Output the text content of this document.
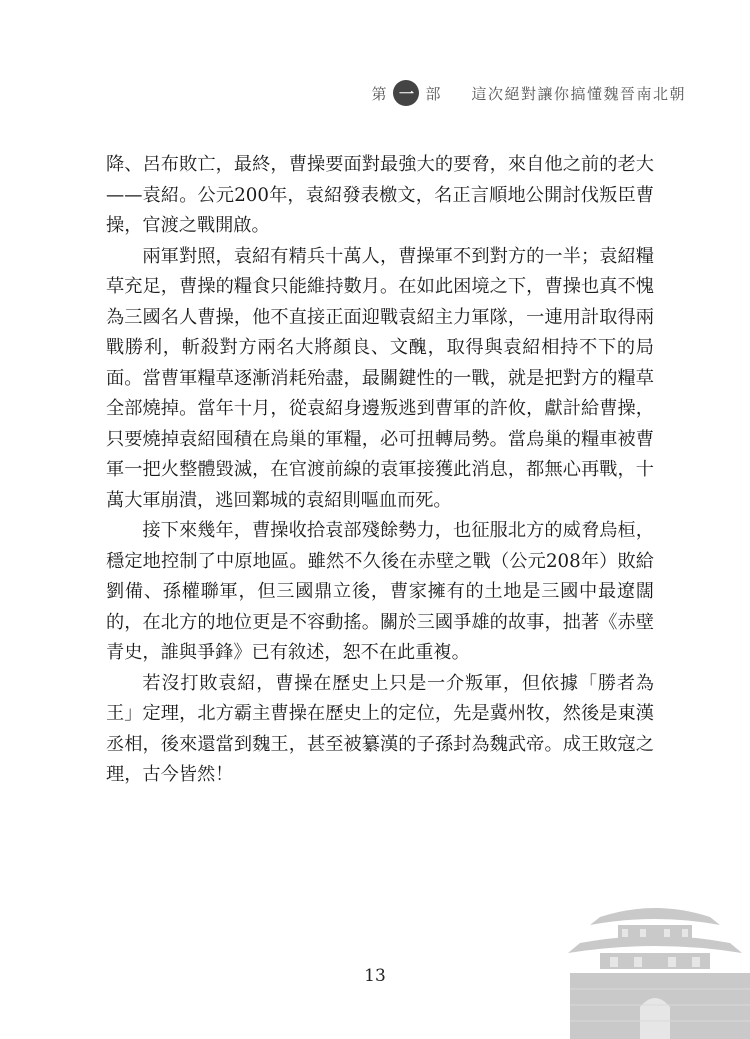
第 一 部 這次絕對讓你搞懂魏晉南北朝

降、呂布敗亡，最終，曹操要面對最強大的要脅，來自他之前的老大——袁紹。公元200年，袁紹發表檄文，名正言順地公開討伐叛臣曹操，官渡之戰開啟。

兩軍對照，袁紹有精兵十萬人，曹操軍不到對方的一半；袁紹糧草充足，曹操的糧食只能維持數月。在如此困境之下，曹操也真不愧為三國名人曹操，他不直接正面迎戰袁紹主力軍隊，一連用計取得兩戰勝利，斬殺對方兩名大將顏良、文醜，取得與袁紹相持不下的局面。當曹軍糧草逐漸消耗殆盡，最關鍵性的一戰，就是把對方的糧草全部燒掉。當年十月，從袁紹身邊叛逃到曹軍的許攸，獻計給曹操，只要燒掉袁紹囤積在烏巢的軍糧，必可扭轉局勢。當烏巢的糧車被曹軍一把火整體毀滅，在官渡前線的袁軍接獲此消息，都無心再戰，十萬大軍崩潰，逃回鄴城的袁紹則嘔血而死。

接下來幾年，曹操收拾袁部殘餘勢力，也征服北方的威脅烏桓，穩定地控制了中原地區。雖然不久後在赤壁之戰（公元208年）敗給劉備、孫權聯軍，但三國鼎立後，曹家擁有的土地是三國中最遼闊的，在北方的地位更是不容動搖。關於三國爭雄的故事，拙著《赤壁青史，誰與爭鋒》已有敘述，恕不在此重複。

若沒打敗袁紹，曹操在歷史上只是一介叛軍，但依據「勝者為王」定理，北方霸主曹操在歷史上的定位，先是冀州牧，然後是東漢丞相，後來還當到魏王，甚至被纂漢的子孫封為魏武帝。成王敗寇之理，古今皆然！

13
